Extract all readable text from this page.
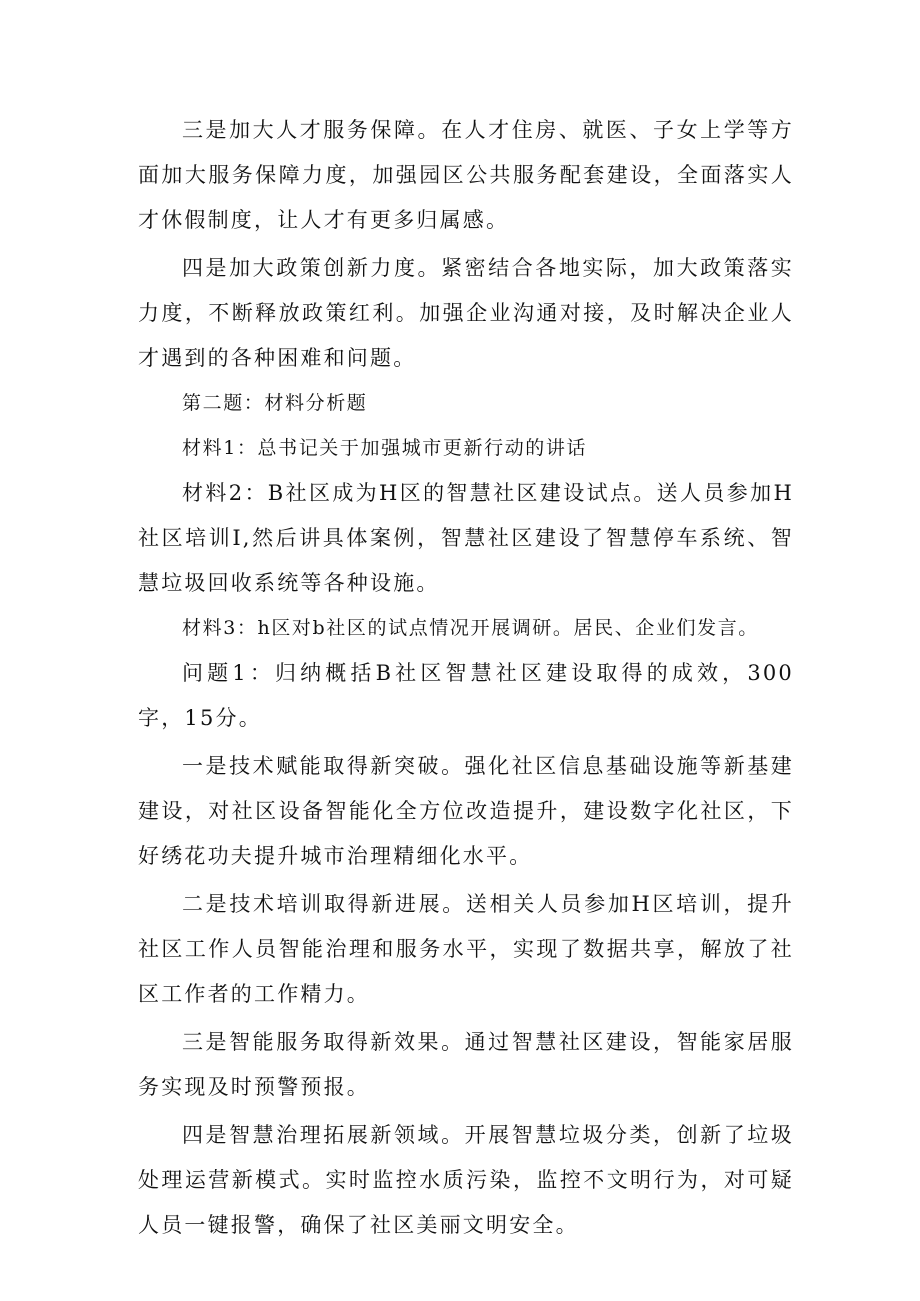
三是加大人才服务保障。在人才住房、就医、子女上学等方面加大服务保障力度，加强园区公共服务配套建设，全面落实人才休假制度，让人才有更多归属感。

四是加大政策创新力度。紧密结合各地实际，加大政策落实力度，不断释放政策红利。加强企业沟通对接，及时解决企业人才遇到的各种困难和问题。

第二题：材料分析题

材料1：总书记关于加强城市更新行动的讲话

材料2：B社区成为H区的智慧社区建设试点。送人员参加H社区培训I,然后讲具体案例，智慧社区建设了智慧停车系统、智慧垃圾回收系统等各种设施。

材料3：h区对b社区的试点情况开展调研。居民、企业们发言。

问题1：归纳概括B社区智慧社区建设取得的成效，300字，15分。

一是技术赋能取得新突破。强化社区信息基础设施等新基建建设，对社区设备智能化全方位改造提升，建设数字化社区，下好绣花功夫提升城市治理精细化水平。

二是技术培训取得新进展。送相关人员参加H区培训，提升社区工作人员智能治理和服务水平，实现了数据共享，解放了社区工作者的工作精力。

三是智能服务取得新效果。通过智慧社区建设，智能家居服务实现及时预警预报。

四是智慧治理拓展新领域。开展智慧垃圾分类，创新了垃圾处理运营新模式。实时监控水质污染，监控不文明行为，对可疑人员一键报警，确保了社区美丽文明安全。
